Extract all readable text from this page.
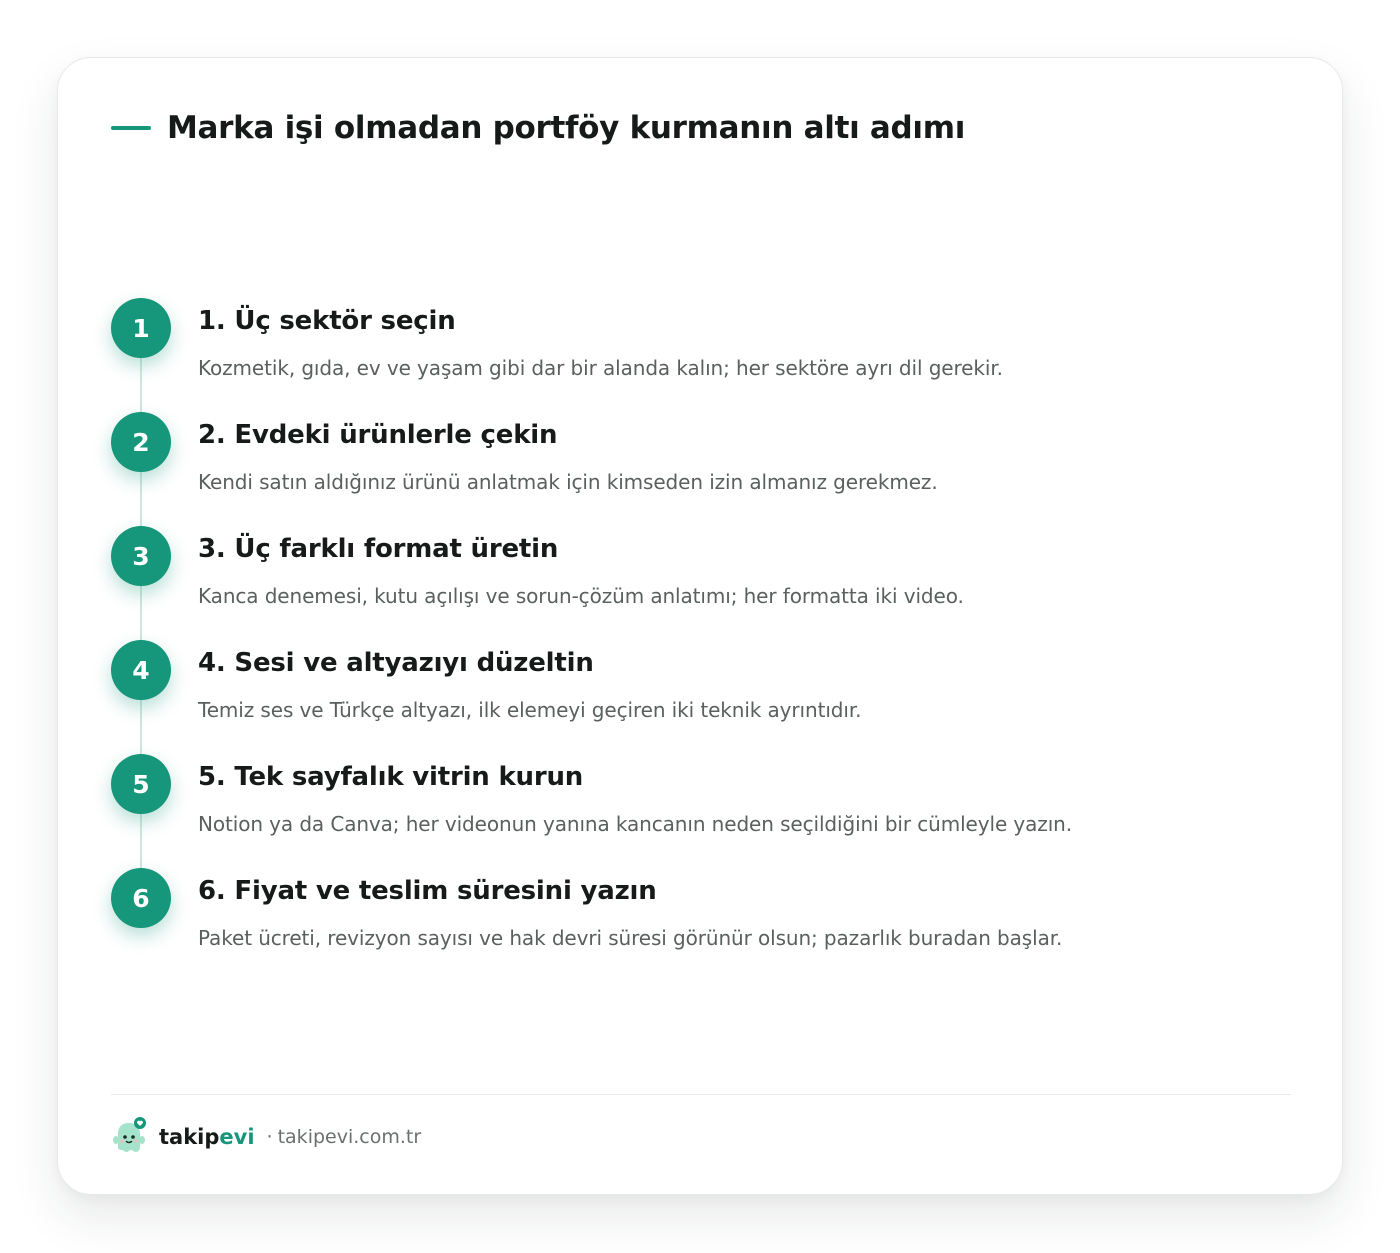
Marka işi olmadan portföy kurmanın altı adımı
1	1. Üç sektör seçin
Kozmetik, gıda, ev ve yaşam gibi dar bir alanda kalın; her sektöre ayrı dil gerekir.
2	2. Evdeki ürünlerle çekin
Kendi satın aldığınız ürünü anlatmak için kimseden izin almanız gerekmez.
3	3. Üç farklı format üretin
Kanca denemesi, kutu açılışı ve sorun-çözüm anlatımı; her formatta iki video.
4	4. Sesi ve altyazıyı düzeltin
Temiz ses ve Türkçe altyazı, ilk elemeyi geçiren iki teknik ayrıntıdır.
5	5. Tek sayfalık vitrin kurun
Notion ya da Canva; her videonun yanına kancanın neden seçildiğini bir cümleyle yazın.
6	6. Fiyat ve teslim süresini yazın
Paket ücreti, revizyon sayısı ve hak devri süresi görünür olsun; pazarlık buradan başlar.
takip evi · takipevi.com.tr
